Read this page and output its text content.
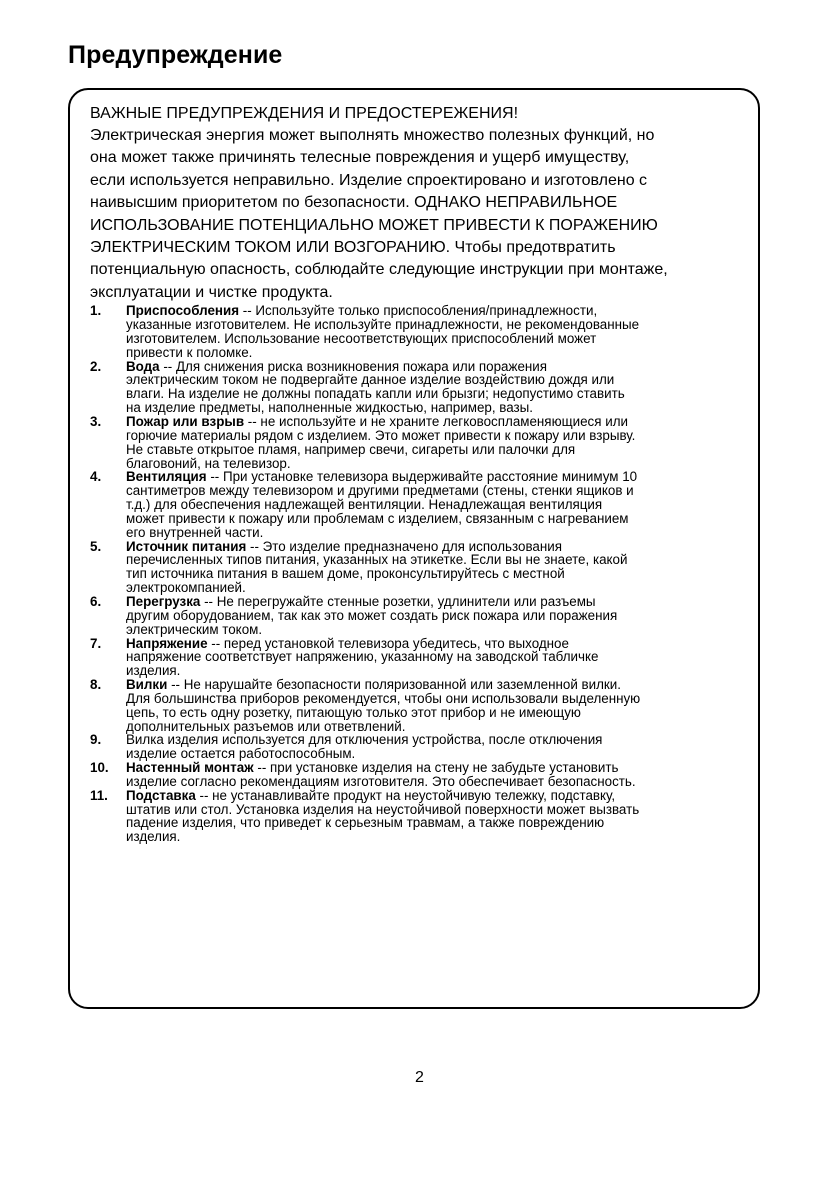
Предупреждение
ВАЖНЫЕ ПРЕДУПРЕЖДЕНИЯ И ПРЕДОСТЕРЕЖЕНИЯ!
Электрическая энергия может выполнять множество полезных функций, но
она может также причинять телесные повреждения и ущерб имуществу,
если используется неправильно. Изделие спроектировано и изготовлено с
наивысшим приоритетом по безопасности. ОДНАКО НЕПРАВИЛЬНОЕ
ИСПОЛЬЗОВАНИЕ ПОТЕНЦИАЛЬНО МОЖЕТ ПРИВЕСТИ К ПОРАЖЕНИЮ
ЭЛЕКТРИЧЕСКИМ ТОКОМ ИЛИ ВОЗГОРАНИЮ. Чтобы предотвратить
потенциальную опасность, соблюдайте следующие инструкции при монтаже,
эксплуатации и чистке продукта.
1. Приспособления -- Используйте только приспособления/принадлежности,
указанные изготовителем. Не используйте принадлежности, не рекомендованные
изготовителем. Использование несоответствующих приспособлений может
привести к поломке.
2. Вода -- Для снижения риска возникновения пожара или поражения
электрическим током не подвергайте данное изделие воздействию дождя или
влаги. На изделие не должны попадать капли или брызги; недопустимо ставить
на изделие предметы, наполненные жидкостью, например, вазы.
3. Пожар или взрыв -- не используйте и не храните легковоспламеняющиеся или
горючие материалы рядом с изделием. Это может привести к пожару или взрыву.
Не ставьте открытое пламя, например свечи, сигареты или палочки для
благовоний, на телевизор.
4. Вентиляция -- При установке телевизора выдерживайте расстояние минимум 10
сантиметров между телевизором и другими предметами (стены, стенки ящиков и
т.д.) для обеспечения надлежащей вентиляции. Ненадлежащая вентиляция
может привести к пожару или проблемам с изделием, связанным с нагреванием
его внутренней части.
5. Источник питания -- Это изделие предназначено для использования
перечисленных типов питания, указанных на этикетке. Если вы не знаете, какой
тип источника питания в вашем доме, проконсультируйтесь с местной
электрокомпанией.
6. Перегрузка -- Не перегружайте стенные розетки, удлинители или разъемы
другим оборудованием, так как это может создать риск пожара или поражения
электрическим током.
7. Напряжение -- перед установкой телевизора убедитесь, что выходное
напряжение соответствует напряжению, указанному на заводской табличке
изделия.
8. Вилки -- Не нарушайте безопасности поляризованной или заземленной вилки.
Для большинства приборов рекомендуется, чтобы они использовали выделенную
цепь, то есть одну розетку, питающую только этот прибор и не имеющую
дополнительных разъемов или ответвлений.
9. Вилка изделия используется для отключения устройства, после отключения
изделие остается работоспособным.
10. Настенный монтаж -- при установке изделия на стену не забудьте установить
изделие согласно рекомендациям изготовителя. Это обеспечивает безопасность.
11. Подставка -- не устанавливайте продукт на неустойчивую тележку, подставку,
штатив или стол. Установка изделия на неустойчивой поверхности может вызвать
падение изделия, что приведет к серьезным травмам, а также повреждению
изделия.
2
